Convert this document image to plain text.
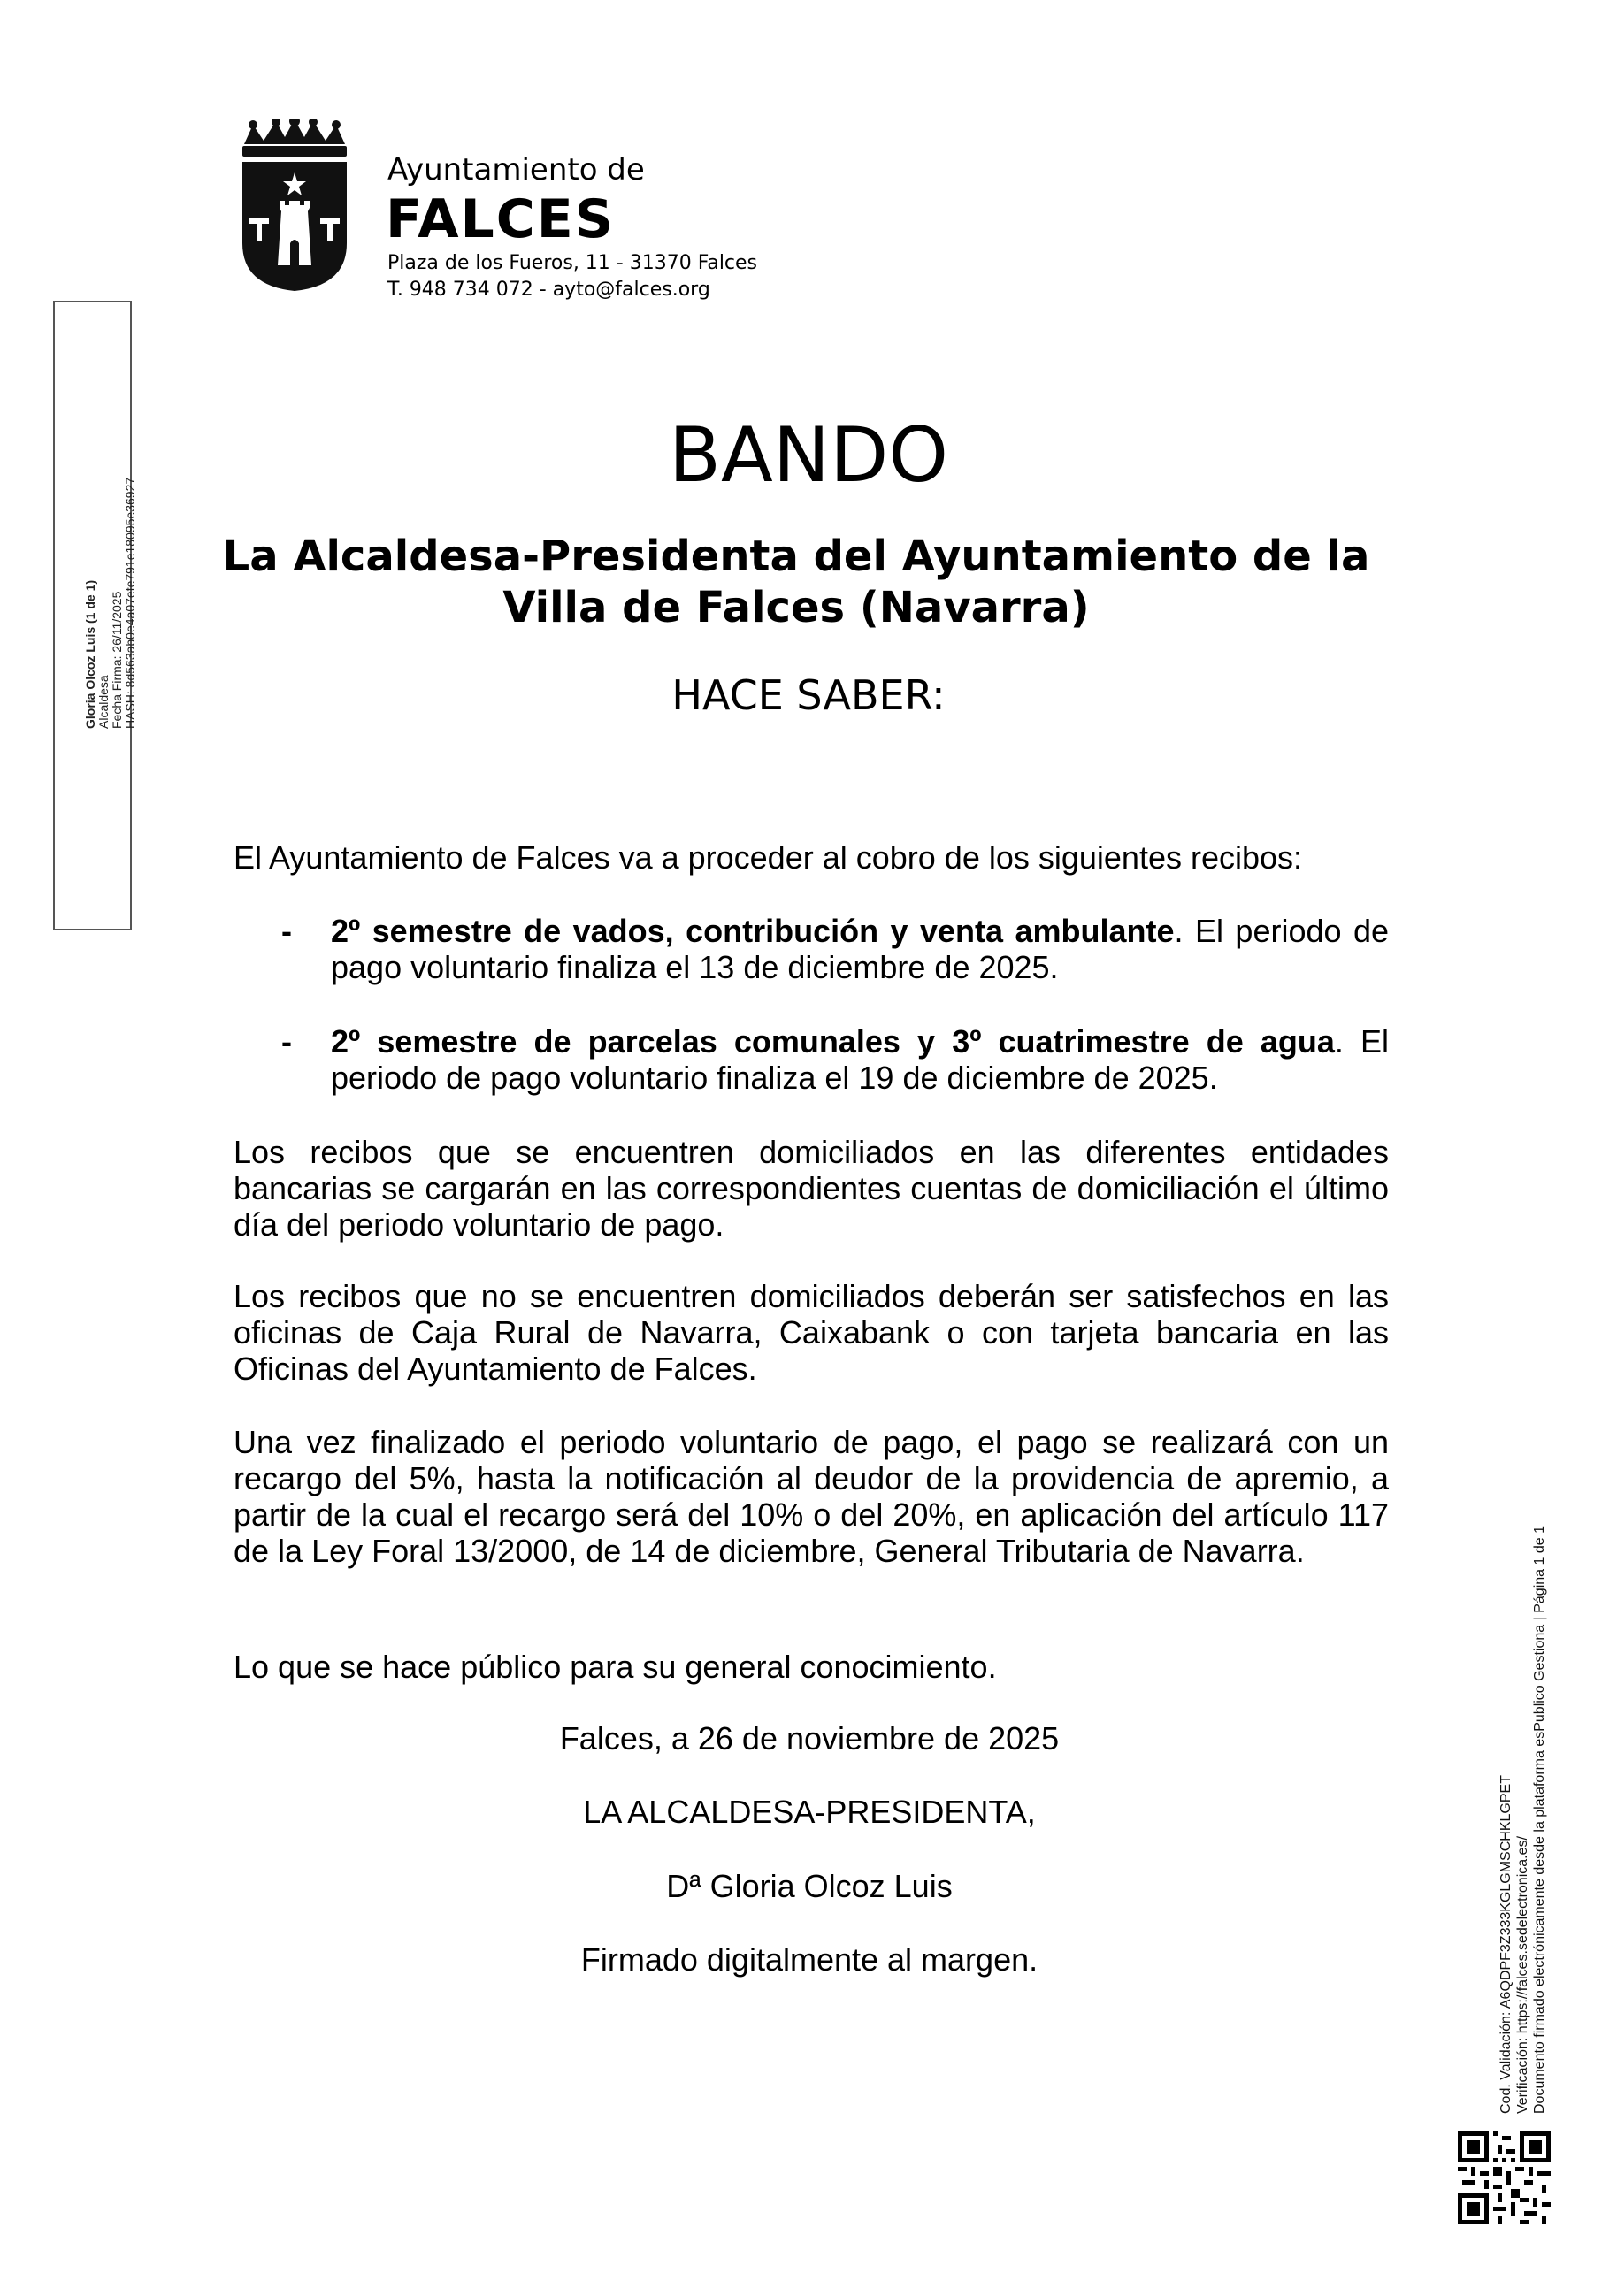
Ayuntamiento de
FALCES
Plaza de los Fueros, 11 - 31370 Falces
T. 948 734 072 - ayto@falces.org
Gloria Olcoz Luis (1 de 1) Alcaldesa Fecha Firma: 26/11/2025 HASH: 8d563ab0e4a07efe791e18095e36927
BANDO
La Alcaldesa-Presidenta del Ayuntamiento de la Villa de Falces (Navarra)
HACE SABER:
El Ayuntamiento de Falces va a proceder al cobro de los siguientes recibos:
- 2º semestre de vados, contribución y venta ambulante. El periodo de pago voluntario finaliza el 13 de diciembre de 2025.
- 2º semestre de parcelas comunales y 3º cuatrimestre de agua. El periodo de pago voluntario finaliza el 19 de diciembre de 2025.
Los recibos que se encuentren domiciliados en las diferentes entidades bancarias se cargarán en las correspondientes cuentas de domiciliación el último día del periodo voluntario de pago.
Los recibos que no se encuentren domiciliados deberán ser satisfechos en las oficinas de Caja Rural de Navarra, Caixabank o con tarjeta bancaria en las Oficinas del Ayuntamiento de Falces.
Una vez finalizado el periodo voluntario de pago, el pago se realizará con un recargo del 5%, hasta la notificación al deudor de la providencia de apremio, a partir de la cual el recargo será del 10% o del 20%, en aplicación del artículo 117 de la Ley Foral 13/2000, de 14 de diciembre, General Tributaria de Navarra.
Lo que se hace público para su general conocimiento.
Falces, a 26 de noviembre de 2025
LA ALCALDESA-PRESIDENTA,
Dª Gloria Olcoz Luis
Firmado digitalmente al margen.	Cod. Validación: A6QDPF3Z333KGLGMSCHKLGPET Verificación: https://falces.sedelectronica.es/ Documento firmado electrónicamente desde la plataforma esPublico Gestiona | Página 1 de 1
